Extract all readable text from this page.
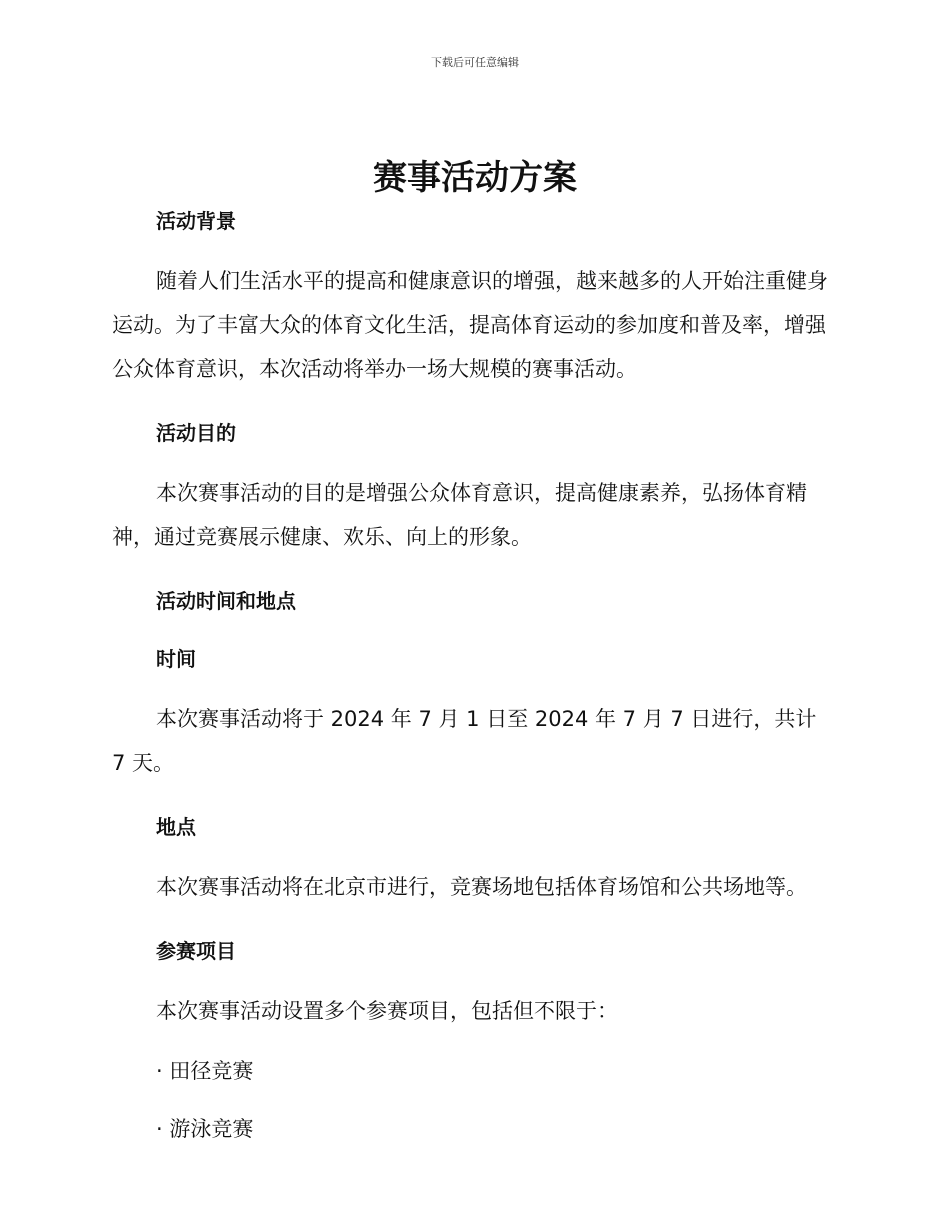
下载后可任意编辑
赛事活动方案

活动背景

随着人们生活水平的提高和健康意识的增强，越来越多的人开始注重健身运动。为了丰富大众的体育文化生活，提高体育运动的参加度和普及率，增强公众体育意识，本次活动将举办一场大规模的赛事活动。

活动目的

本次赛事活动的目的是增强公众体育意识，提高健康素养，弘扬体育精神，通过竞赛展示健康、欢乐、向上的形象。

活动时间和地点

时间

本次赛事活动将于 2024 年 7 月 1 日至 2024 年 7 月 7 日进行，共计 7 天。

地点

本次赛事活动将在北京市进行，竞赛场地包括体育场馆和公共场地等。

参赛项目

本次赛事活动设置多个参赛项目，包括但不限于：

· 田径竞赛

· 游泳竞赛
